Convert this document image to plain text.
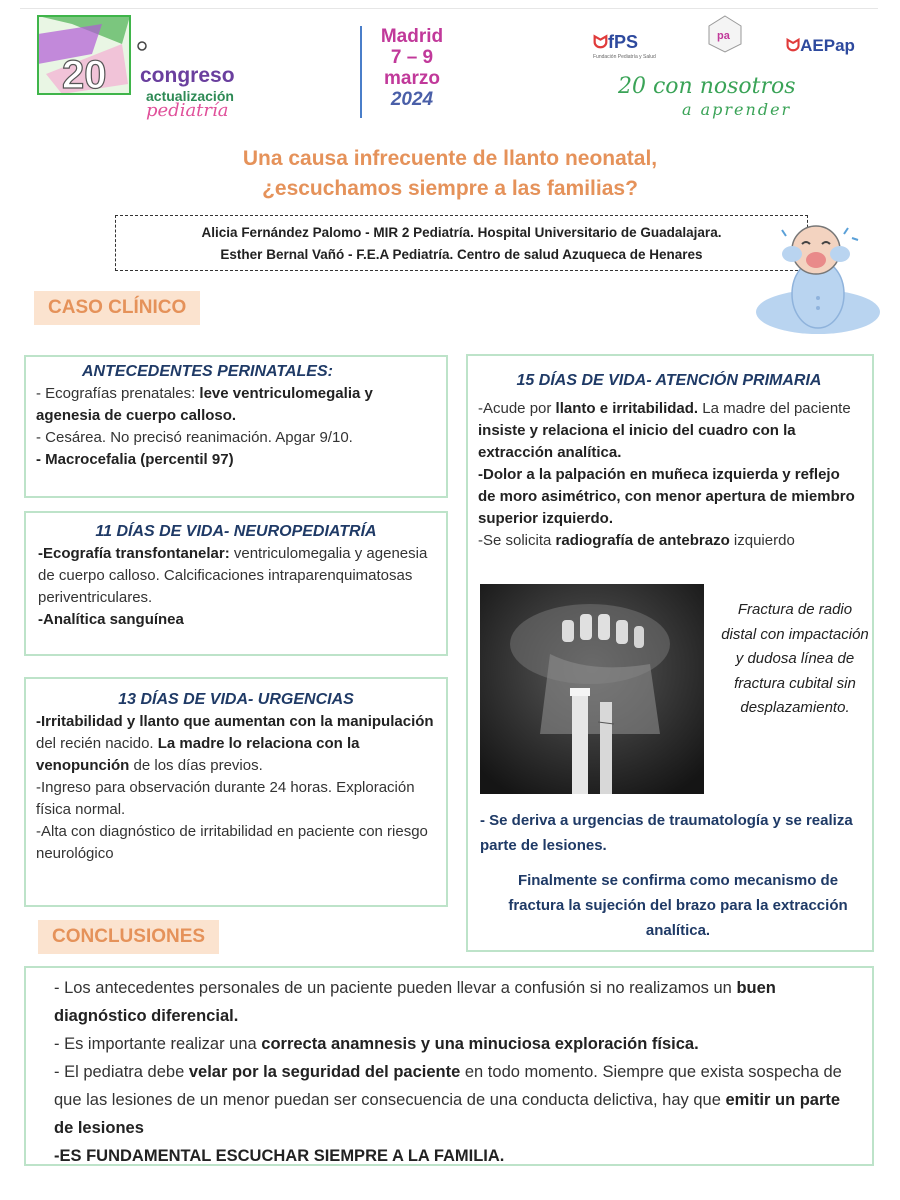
20 congreso
actualización
pediatría
Madrid
7 – 9
marzo
2024
ᗢfPS
Fundación Pediatría y Salud
pa	ᗢAEPap
20 con nosotros
a aprender
Una causa infrecuente de llanto neonatal,
¿escuchamos siempre a las familias?
Alicia Fernández Palomo - MIR 2 Pediatría. Hospital Universitario de Guadalajara.
Esther Bernal Vañó - F.E.A Pediatría. Centro de salud Azuqueca de Henares
CASO CLÍNICO
CONCLUSIONES
ANTECEDENTES PERINATALES:

- Ecografías prenatales: leve ventriculomegalia y agenesia de cuerpo calloso.

- Cesárea. No precisó reanimación. Apgar 9/10.

- Macrocefalia (percentil 97)

11 DÍAS DE VIDA- NEUROPEDIATRÍA

-Ecografía transfontanelar: ventriculomegalia y agenesia de cuerpo calloso. Calcificaciones intraparenquimatosas periventriculares.

-Analítica sanguínea

13 DÍAS DE VIDA- URGENCIAS

-Irritabilidad y llanto que aumentan con la manipulación del recién nacido. La madre lo relaciona con la venopunción de los días previos.

-Ingreso para observación durante 24 horas. Exploración física normal.

-Alta con diagnóstico de irritabilidad en paciente con riesgo neurológico

15 DÍAS DE VIDA- ATENCIÓN PRIMARIA

-Acude por llanto e irritabilidad. La madre del paciente insiste y relaciona el inicio del cuadro con la extracción analítica.

-Dolor a la palpación en muñeca izquierda y reflejo de moro asimétrico, con menor apertura de miembro superior izquierdo.

-Se solicita radiografía de antebrazo izquierdo

Fractura de radio distal con impactación y dudosa línea de fractura cubital sin desplazamiento.
- Se deriva a urgencias de traumatología y se realiza parte de lesiones.
Finalmente se confirma como mecanismo de fractura la sujeción del brazo para la extracción analítica.

- Los antecedentes personales de un paciente pueden llevar a confusión si no realizamos un buen diagnóstico diferencial.

- Es importante realizar una correcta anamnesis y una minuciosa exploración física.

- El pediatra debe velar por la seguridad del paciente en todo momento. Siempre que exista sospecha de que las lesiones de un menor puedan ser consecuencia de una conducta delictiva, hay que emitir un parte de lesiones

-ES FUNDAMENTAL ESCUCHAR SIEMPRE A LA FAMILIA.
